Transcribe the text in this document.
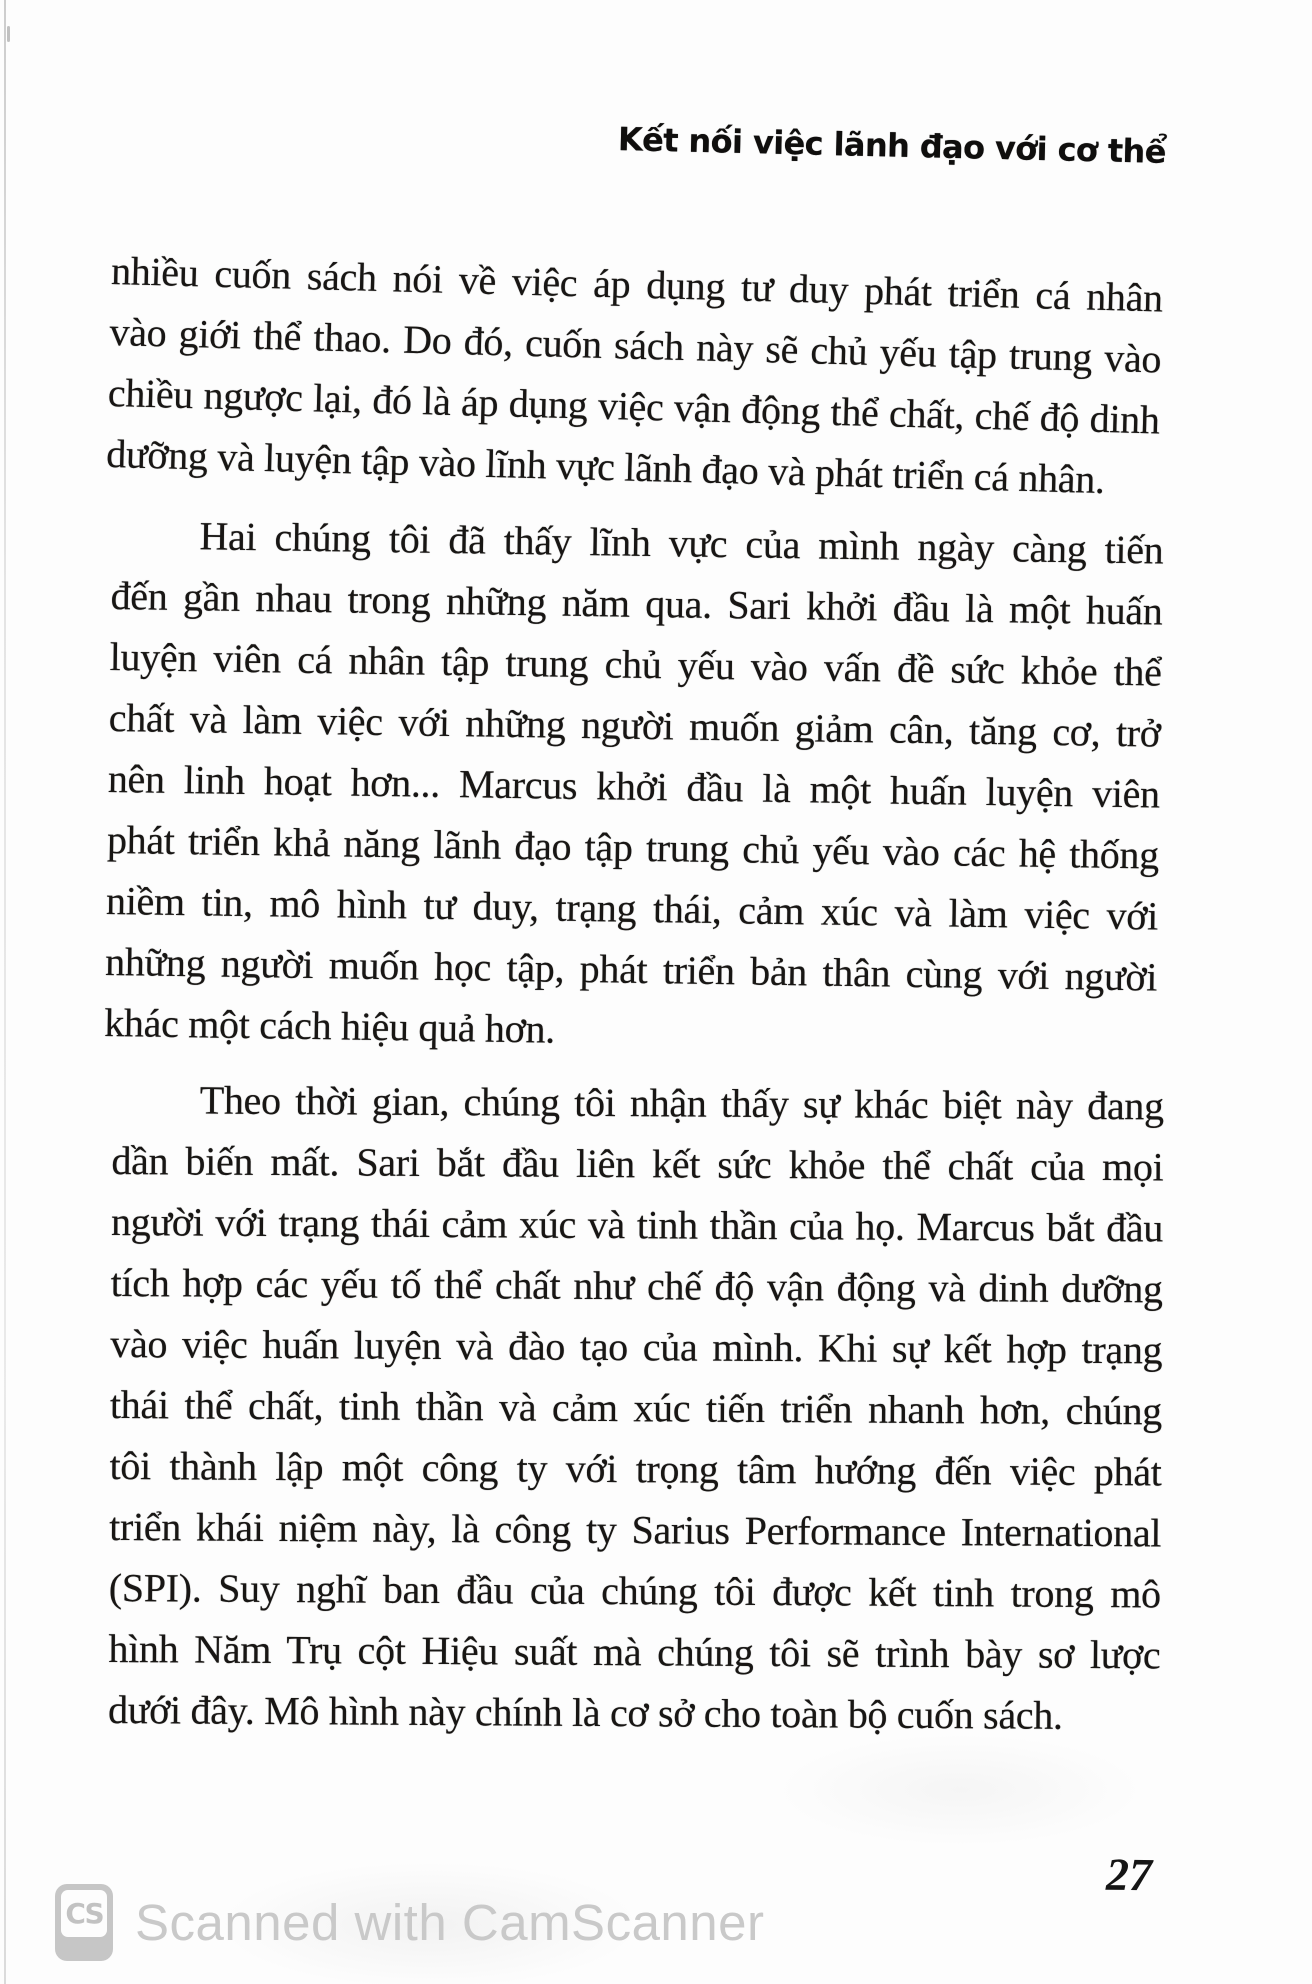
Kết nối việc lãnh đạo với cơ thể
nhiều cuốn sách nói về việc áp dụng tư duy phát triển cá nhân
vào giới thể thao. Do đó, cuốn sách này sẽ chủ yếu tập trung vào
chiều ngược lại, đó là áp dụng việc vận động thể chất, chế độ dinh
dưỡng và luyện tập vào lĩnh vực lãnh đạo và phát triển cá nhân.
Hai chúng tôi đã thấy lĩnh vực của mình ngày càng tiến
đến gần nhau trong những năm qua. Sari khởi đầu là một huấn
luyện viên cá nhân tập trung chủ yếu vào vấn đề sức khỏe thể
chất và làm việc với những người muốn giảm cân, tăng cơ, trở
nên linh hoạt hơn... Marcus khởi đầu là một huấn luyện viên
phát triển khả năng lãnh đạo tập trung chủ yếu vào các hệ thống
niềm tin, mô hình tư duy, trạng thái, cảm xúc và làm việc với
những người muốn học tập, phát triển bản thân cùng với người
khác một cách hiệu quả hơn.
Theo thời gian, chúng tôi nhận thấy sự khác biệt này đang
dần biến mất. Sari bắt đầu liên kết sức khỏe thể chất của mọi
người với trạng thái cảm xúc và tinh thần của họ. Marcus bắt đầu
tích hợp các yếu tố thể chất như chế độ vận động và dinh dưỡng
vào việc huấn luyện và đào tạo của mình. Khi sự kết hợp trạng
thái thể chất, tinh thần và cảm xúc tiến triển nhanh hơn, chúng
tôi thành lập một công ty với trọng tâm hướng đến việc phát
triển khái niệm này, là công ty Sarius Performance International
(SPI). Suy nghĩ ban đầu của chúng tôi được kết tinh trong mô
hình Năm Trụ cột Hiệu suất mà chúng tôi sẽ trình bày sơ lược
dưới đây. Mô hình này chính là cơ sở cho toàn bộ cuốn sách.
27
CS Scanned with CamScanner
